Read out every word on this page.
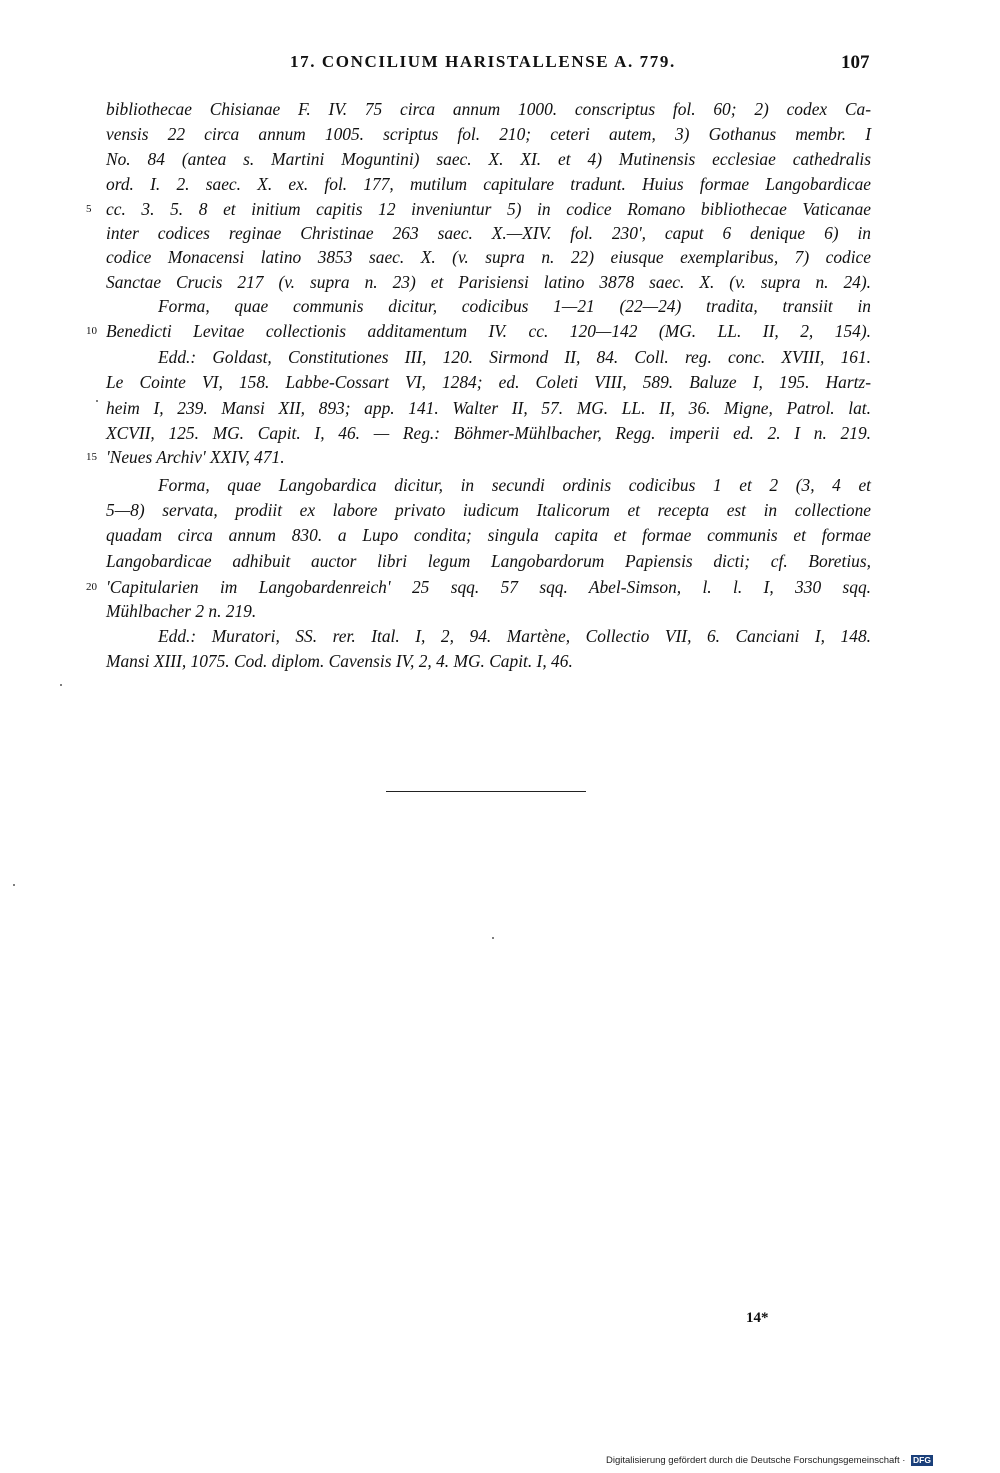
17. CONCILIUM HARISTALLENSE A. 779.	107
bibliothecae Chisianae F. IV. 75 circa annum 1000. conscriptus fol. 60; 2) codex Ca-
vensis 22 circa annum 1005. scriptus fol. 210; ceteri autem, 3) Gothanus membr. I
No. 84 (antea s. Martini Moguntini) saec. X. XI. et 4) Mutinensis ecclesiae cathedralis
ord. I. 2. saec. X. ex. fol. 177, mutilum capitulare tradunt. Huius formae Langobardicae
5 cc. 3. 5. 8 et initium capitis 12 inveniuntur 5) in codice Romano bibliothecae Vaticanae
inter codices reginae Christinae 263 saec. X.—XIV. fol. 230', caput 6 denique 6) in
codice Monacensi latino 3853 saec. X. (v. supra n. 22) eiusque exemplaribus, 7) codice
Sanctae Crucis 217 (v. supra n. 23) et Parisiensi latino 3878 saec. X. (v. supra n. 24).
Forma, quae communis dicitur, codicibus 1—21 (22—24) tradita, transiit in
10 Benedicti Levitae collectionis additamentum IV. cc. 120—142 (MG. LL. II, 2, 154).
Edd.: Goldast, Constitutiones III, 120. Sirmond II, 84. Coll. reg. conc. XVIII, 161.
Le Cointe VI, 158. Labbe-Cossart VI, 1284; ed. Coleti VIII, 589. Baluze I, 195. Hartz-
heim I, 239. Mansi XII, 893; app. 141. Walter II, 57. MG. LL. II, 36. Migne, Patrol. lat.
XCVII, 125. MG. Capit. I, 46. — Reg.: Böhmer-Mühlbacher, Regg. imperii ed. 2. I n. 219.
15 'Neues Archiv' XXIV, 471.
Forma, quae Langobardica dicitur, in secundi ordinis codicibus 1 et 2 (3, 4 et
5—8) servata, prodiit ex labore privato iudicum Italicorum et recepta est in collectione
quadam circa annum 830. a Lupo condita; singula capita et formae communis et formae
Langobardicae adhibuit auctor libri legum Langobardorum Papiensis dicti; cf. Boretius,
20 'Capitularien im Langobardenreich' 25 sqq. 57 sqq. Abel-Simson, l. l. I, 330 sqq.
Mühlbacher 2 n. 219.
Edd.: Muratori, SS. rer. Ital. I, 2, 94. Martène, Collectio VII, 6. Canciani I, 148.
Mansi XIII, 1075. Cod. diplom. Cavensis IV, 2, 4. MG. Capit. I, 46.
14*
Digitalisierung gefördert durch die Deutsche Forschungsgemeinschaft · DFG
